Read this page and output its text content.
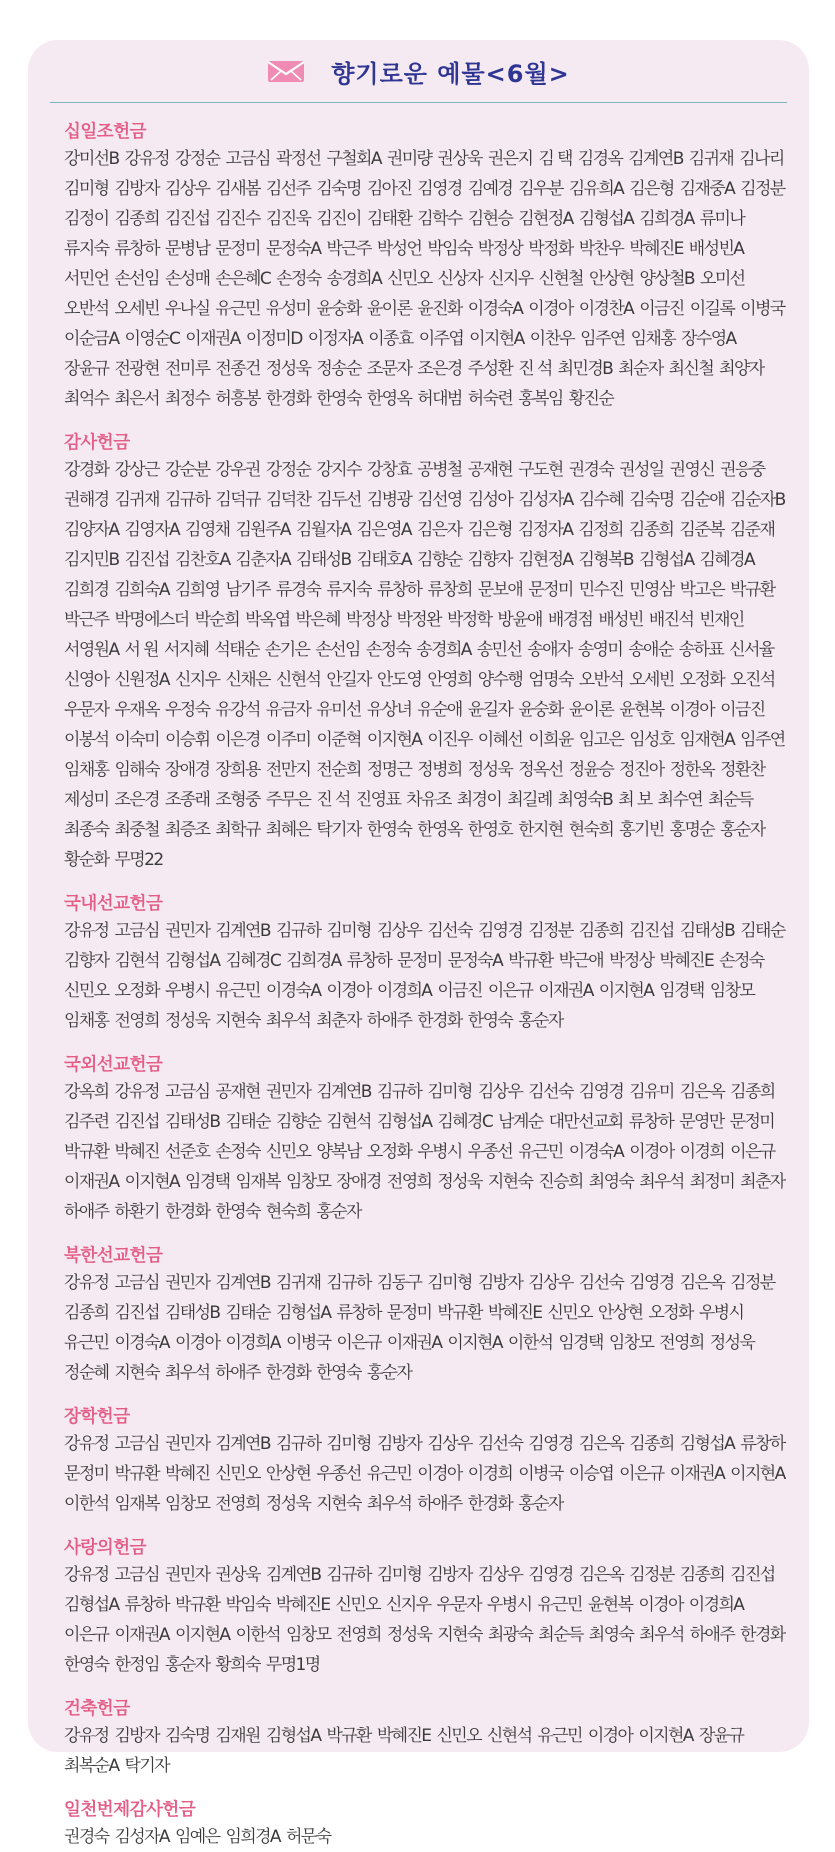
향기로운 예물<6월>
십일조헌금
강미선B 강유정 강정순 고금심 곽정선 구철회A 권미량 권상욱 권은지 김 택 김경옥 김계연B 김귀재 김나리
김미형 김방자 김상우 김새봄 김선주 김숙명 김아진 김영경 김예경 김우분 김유희A 김은형 김재중A 김정분
김정이 김종희 김진섭 김진수 김진욱 김진이 김태환 김학수 김현승 김현정A 김형섭A 김희경A 류미나
류지숙 류창하 문병남 문정미 문정숙A 박근주 박성언 박임숙 박정상 박정화 박찬우 박혜진E 배성빈A
서민언 손선임 손성매 손은혜C 손정숙 송경희A 신민오 신상자 신지우 신현철 안상현 양상철B 오미선
오반석 오세빈 우나실 유근민 유성미 윤숭화 윤이론 윤진화 이경숙A 이경아 이경찬A 이금진 이길록 이병국
이순금A 이영순C 이재권A 이정미D 이정자A 이종효 이주엽 이지현A 이찬우 임주연 임채홍 장수영A
장윤규 전광현 전미루 전종건 정성욱 정송순 조문자 조은경 주성환 진 석 최민경B 최순자 최신철 최양자
최억수 최은서 최정수 허흥봉 한경화 한영숙 한영옥 허대범 허숙련 홍복임 황진순
감사헌금
강경화 강상근 강순분 강우권 강정순 강지수 강창효 공병철 공재현 구도현 권경숙 권성일 권영신 권응중
권해경 김귀재 김규하 김덕규 김덕찬 김두선 김병광 김선영 김성아 김성자A 김수혜 김숙명 김순애 김순자B
김양자A 김영자A 김영채 김원주A 김월자A 김은영A 김은자 김은형 김정자A 김정희 김종희 김준복 김준재
김지민B 김진섭 김찬호A 김춘자A 김태성B 김태호A 김향순 김향자 김현정A 김형복B 김형섭A 김혜경A
김희경 김희숙A 김희영 남기주 류경숙 류지숙 류창하 류창희 문보애 문정미 민수진 민영삼 박고은 박규환
박근주 박명에스더 박순희 박옥엽 박은혜 박정상 박정완 박정학 방윤애 배경점 배성빈 배진석 빈재인
서영원A 서 원 서지혜 석태순 손기은 손선임 손정숙 송경희A 송민선 송애자 송영미 송애순 송하표 신서율
신영아 신원정A 신지우 신채은 신현석 안길자 안도영 안영희 양수행 엄명숙 오반석 오세빈 오정화 오진석
우문자 우재옥 우정숙 유강석 유금자 유미선 유상녀 유순애 윤길자 윤숭화 윤이론 윤현복 이경아 이금진
이봉석 이숙미 이승휘 이은경 이주미 이준혁 이지현A 이진우 이혜선 이희윤 임고은 임성호 임재현A 임주연
임채홍 임해숙 장애경 장희용 전만지 전순희 정명근 정병희 정성욱 정옥선 정윤승 정진아 정한옥 정환찬
제성미 조은경 조종래 조형중 주무은 진 석 진영표 차유조 최경이 최길례 최영숙B 최 보 최수연 최순득
최종숙 최중철 최증조 최학규 최혜은 탁기자 한영숙 한영옥 한영호 한지현 현숙희 홍기빈 홍명순 홍순자
황순화 무명22
국내선교헌금
강유정 고금심 권민자 김계연B 김규하 김미형 김상우 김선숙 김영경 김정분 김종희 김진섭 김태성B 김태순
김향자 김현석 김형섭A 김혜경C 김희경A 류창하 문정미 문정숙A 박규환 박근애 박정상 박혜진E 손정숙
신민오 오정화 우병시 유근민 이경숙A 이경아 이경희A 이금진 이은규 이재권A 이지현A 임경택 임창모
임채홍 전영희 정성욱 지현숙 최우석 최춘자 하애주 한경화 한영숙 홍순자
국외선교헌금
강옥희 강유정 고금심 공재현 권민자 김계연B 김규하 김미형 김상우 김선숙 김영경 김유미 김은옥 김종희
김주련 김진섭 김태성B 김태순 김향순 김현석 김형섭A 김혜경C 남계순 대만선교회 류창하 문영만 문정미
박규환 박혜진 선준호 손정숙 신민오 양복남 오정화 우병시 우종선 유근민 이경숙A 이경아 이경희 이은규
이재권A 이지현A 임경택 임재복 임창모 장애경 전영희 정성욱 지현숙 진승희 최영숙 최우석 최정미 최춘자
하애주 하환기 한경화 한영숙 현숙희 홍순자
북한선교헌금
강유정 고금심 권민자 김계연B 김귀재 김규하 김동구 김미형 김방자 김상우 김선숙 김영경 김은옥 김정분
김종희 김진섭 김태성B 김태순 김형섭A 류창하 문정미 박규환 박혜진E 신민오 안상현 오정화 우병시
유근민 이경숙A 이경아 이경희A 이병국 이은규 이재권A 이지현A 이한석 임경택 임창모 전영희 정성욱
정순혜 지현숙 최우석 하애주 한경화 한영숙 홍순자
장학헌금
강유정 고금심 권민자 김계연B 김규하 김미형 김방자 김상우 김선숙 김영경 김은옥 김종희 김형섭A 류창하
문정미 박규환 박혜진 신민오 안상현 우종선 유근민 이경아 이경희 이병국 이승엽 이은규 이재권A 이지현A
이한석 임재복 임창모 전영희 정성욱 지현숙 최우석 하애주 한경화 홍순자
사랑의헌금
강유정 고금심 권민자 권상욱 김계연B 김규하 김미형 김방자 김상우 김영경 김은옥 김정분 김종희 김진섭
김형섭A 류창하 박규환 박임숙 박혜진E 신민오 신지우 우문자 우병시 유근민 윤현복 이경아 이경희A
이은규 이재권A 이지현A 이한석 임창모 전영희 정성욱 지현숙 최광숙 최순득 최영숙 최우석 하애주 한경화
한영숙 한정임 홍순자 황희숙 무명1명
건축헌금
강유정 김방자 김숙명 김재원 김형섭A 박규환 박혜진E 신민오 신현석 유근민 이경아 이지현A 장윤규
최복순A 탁기자
일천번제감사헌금
권경숙 김성자A 임예은 임희경A 허문숙
